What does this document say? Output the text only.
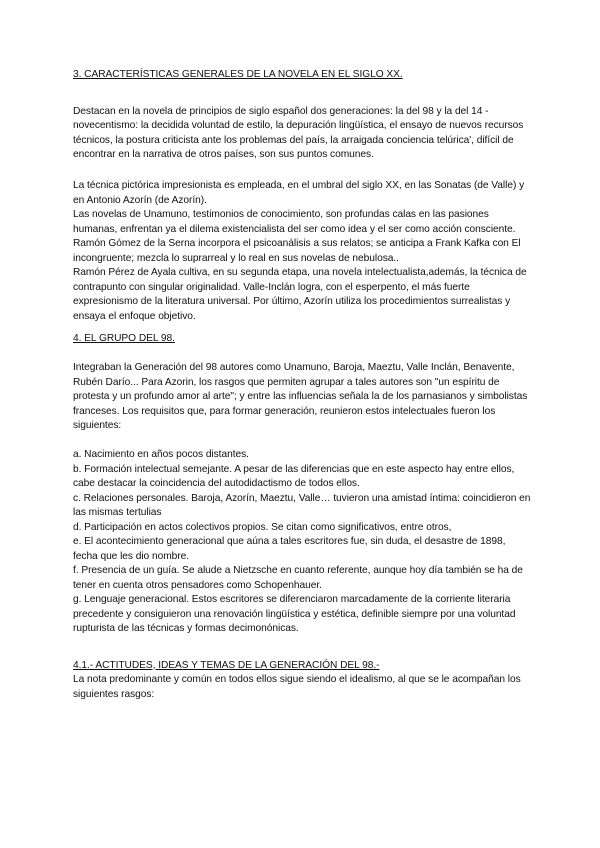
3. CARACTERÍSTICAS GENERALES DE LA NOVELA EN EL SIGLO XX.

Destacan en la novela de principios de siglo español dos generaciones: la del 98 y la del 14 - novecentismo: la decidida voluntad de estilo, la depuración lingüística, el ensayo de nuevos recursos técnicos, la postura criticista ante los problemas del país, la arraigada conciencia telúrica', difícil de encontrar en la narrativa de otros países, son sus puntos comunes.

La técnica pictórica impresionista es empleada, en el umbral del siglo XX, en las Sonatas (de Valle) y en Antonio Azorín (de Azorín).

Las novelas de Unamuno, testimonios de conocimiento, son profundas calas en las pasiones humanas, enfrentan ya el dilema existencialista del ser como idea y el ser como acción consciente. Ramón Gómez de la Serna incorpora el psicoanálisis a sus relatos; se anticipa a Frank Kafka con El incongruente; mezcla lo suprarreal y lo real en sus novelas de nebulosa..

Ramón Pérez de Ayala cultiva, en su segunda etapa, una novela intelectualista,además, la técnica de contrapunto con singular originalidad. Valle-Inclán logra, con el esperpento, el más fuerte expresionismo de la literatura universal. Por último, Azorín utiliza los procedimientos surrealistas y ensaya el enfoque objetivo.

4. EL GRUPO DEL 98.

Integraban la Generación del 98 autores como Unamuno, Baroja, Maeztu, Valle Inclán, Benavente, Rubén Darío... Para Azorin, los rasgos que permiten agrupar a tales autores son "un espíritu de protesta y un profundo amor al arte"; y entre las influencias señala la de los parnasianos y simbolistas franceses. Los requisitos que, para formar generación, reunieron estos intelectuales fueron los siguientes:

a. Nacimiento en años pocos distantes.

b. Formación intelectual semejante. A pesar de las diferencias que en este aspecto hay entre ellos, cabe destacar la coincidencia del autodidactismo de todos ellos.

c. Relaciones personales. Baroja, Azorín, Maeztu, Valle… tuvieron una amistad íntima: coincidieron en las mismas tertulias

d. Participación en actos colectivos propios. Se citan como significativos, entre otros,

e. El acontecimiento generacional que aúna a tales escritores fue, sin duda, el desastre de 1898, fecha que les dio nombre.

f. Presencia de un guía. Se alude a Nietzsche en cuanto referente, aunque hoy día también se ha de tener en cuenta otros pensadores como Schopenhauer.

g. Lenguaje generacional. Estos escritores se diferenciaron marcadamente de la corriente literaria precedente y consiguieron una renovación lingüística y estética, definible siempre por una voluntad rupturista de las técnicas y formas decimonónicas.

4.1.- ACTITUDES, IDEAS Y TEMAS DE LA GENERACIÓN DEL 98.-

La nota predominante y común en todos ellos sigue siendo el idealismo, al que se le acompañan los siguientes rasgos:
